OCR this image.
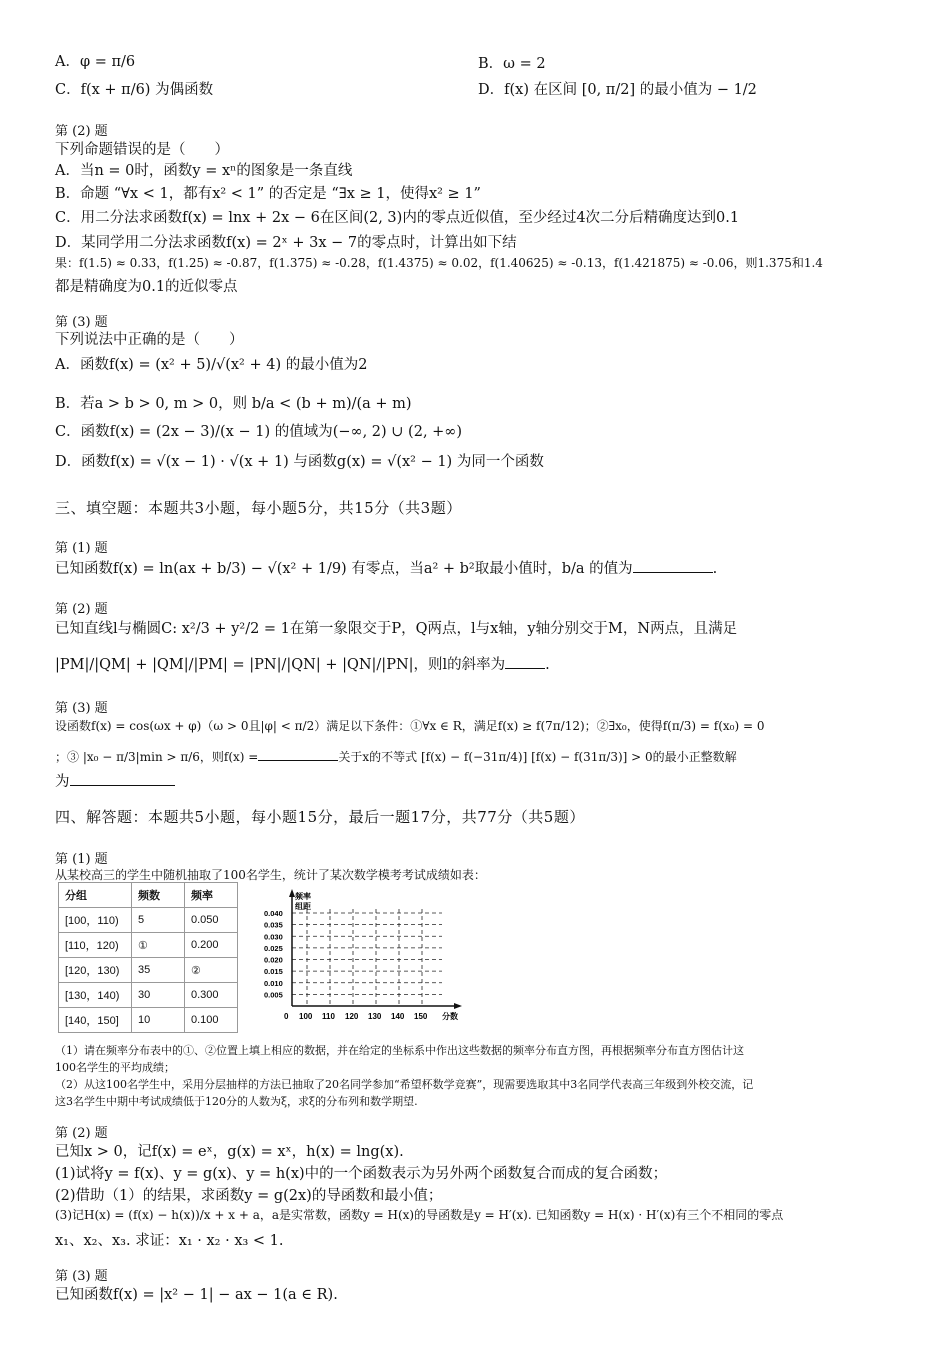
A．φ = π/6	B．ω = 2
C．f(x + π/6) 为偶函数	D．f(x) 在区间 [0, π/2] 的最小值为 − 1/2
第 (2) 题
下列命题错误的是（　　）
A．当n = 0时，函数y = xⁿ的图象是一条直线
B．命题 “∀x < 1，都有x² < 1” 的否定是 “∃x ≥ 1，使得x² ≥ 1”
C．用二分法求函数f(x) = lnx + 2x − 6在区间(2, 3)内的零点近似值，至少经过4次二分后精确度达到0.1
D．某同学用二分法求函数f(x) = 2ˣ + 3x − 7的零点时，计算出如下结
果：f(1.5) ≈ 0.33，f(1.25) ≈ -0.87，f(1.375) ≈ -0.28，f(1.4375) ≈ 0.02，f(1.40625) ≈ -0.13，f(1.421875) ≈ -0.06，则1.375和1.4
都是精确度为0.1的近似零点
第 (3) 题
下列说法中正确的是（　　）
A．函数f(x) = (x² + 5)/√(x² + 4) 的最小值为2
B．若a > b > 0, m > 0，则 b/a < (b + m)/(a + m)
C．函数f(x) = (2x − 3)/(x − 1) 的值域为(−∞, 2) ∪ (2, +∞)
D．函数f(x) = √(x − 1) · √(x + 1) 与函数g(x) = √(x² − 1) 为同一个函数
三、填空题：本题共3小题，每小题5分，共15分（共3题）
第 (1) 题
已知函数f(x) = ln(ax + b/3) − √(x² + 1/9) 有零点，当a² + b²取最小值时，b/a 的值为	.
第 (2) 题
已知直线l与椭圆C: x²/3 + y²/2 = 1在第一象限交于P，Q两点，l与x轴，y轴分别交于M，N两点，且满足
|PM|/|QM| + |QM|/|PM| = |PN|/|QN| + |QN|/|PN|，则l的斜率为	.
第 (3) 题
设函数f(x) = cos(ωx + φ)（ω > 0且|φ| < π/2）满足以下条件：①∀x ∈ R，满足f(x) ≥ f(7π/12)；②∃x₀，使得f(π/3) = f(x₀) = 0
；③ |x₀ − π/3|min > π/6，则f(x) =	关于x的不等式 [f(x) − f(−31π/4)] [f(x) − f(31π/3)] > 0的最小正整数解
为
四、解答题：本题共5小题，每小题15分，最后一题17分，共77分（共5题）
第 (1) 题
从某校高三的学生中随机抽取了100名学生，统计了某次数学模考考试成绩如表：
分组	频数	频率
[100，110)	5	0.050
[110，120)	①	0.200
[120，130)	35	②
[130，140)	30	0.300
[140，150]	10	0.100
频率
组距
0	分数
0.040
0.035
0.030
0.025
0.020
0.015
0.010
0.005
100 110 120 130 140 150
（1）请在频率分布表中的①、②位置上填上相应的数据，并在给定的坐标系中作出这些数据的频率分布直方图，再根据频率分布直方图估计这
100名学生的平均成绩；
（2）从这100名学生中，采用分层抽样的方法已抽取了20名同学参加“希望杯数学竞赛”，现需要选取其中3名同学代表高三年级到外校交流，记
这3名学生中期中考试成绩低于120分的人数为ξ，求ξ的分布列和数学期望.
第 (2) 题
已知x > 0，记f(x) = eˣ，g(x) = xˣ，h(x) = lng(x).
(1)试将y = f(x)、y = g(x)、y = h(x)中的一个函数表示为另外两个函数复合而成的复合函数；
(2)借助（1）的结果，求函数y = g(2x)的导函数和最小值；
(3)记H(x) = (f(x) − h(x))/x + x + a，a是实常数，函数y = H(x)的导函数是y = H′(x). 已知函数y = H(x) · H′(x)有三个不相同的零点
x₁、x₂、x₃. 求证：x₁ · x₂ · x₃ < 1.
第 (3) 题
已知函数f(x) = |x² − 1| − ax − 1(a ∈ R).
